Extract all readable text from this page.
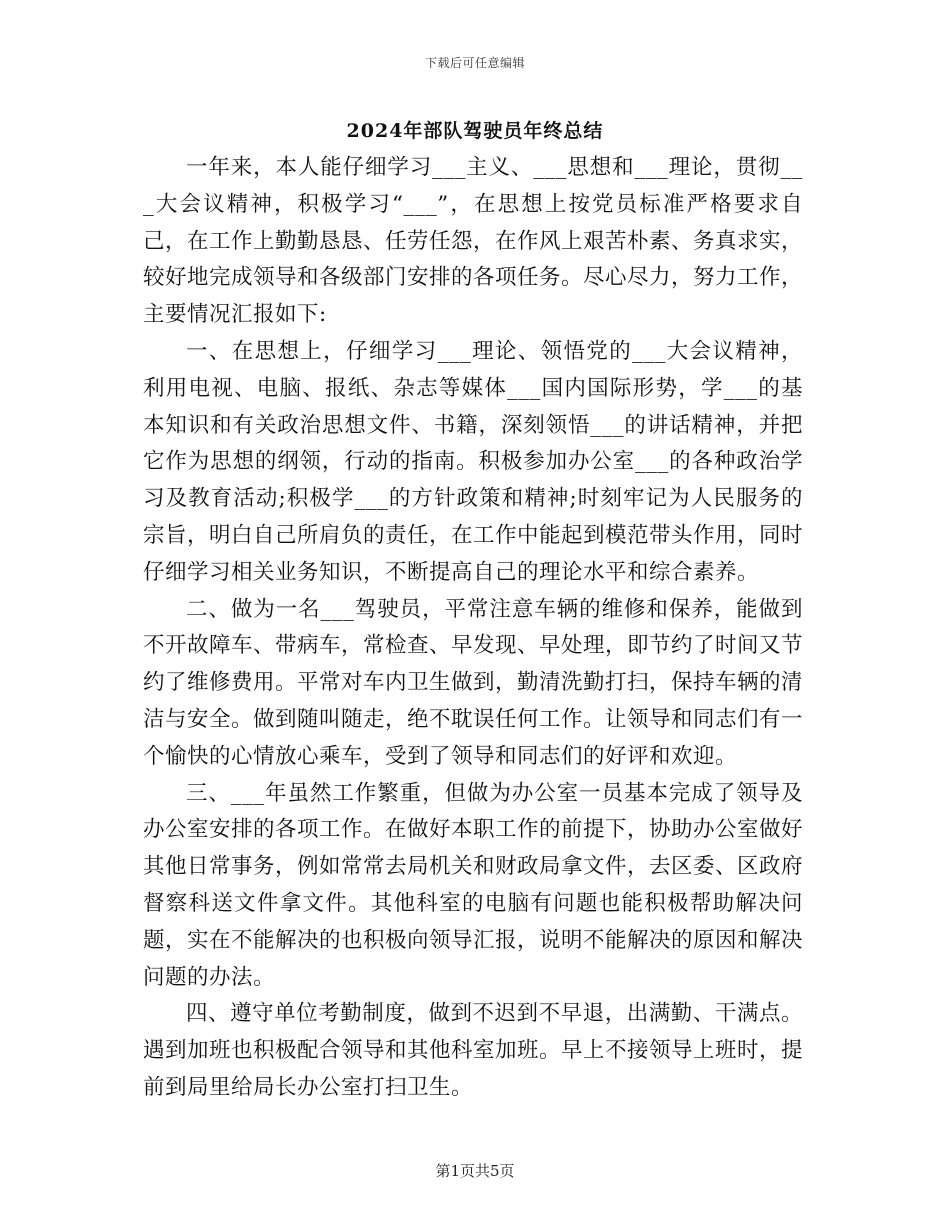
下载后可任意编辑
2024年部队驾驶员年终总结

一年来，本人能仔细学习___主义、___思想和___理论，贯彻___大会议精神，积极学习“___”，在思想上按党员标准严格要求自己，在工作上勤勤恳恳、任劳任怨，在作风上艰苦朴素、务真求实，较好地完成领导和各级部门安排的各项任务。尽心尽力，努力工作，主要情况汇报如下:

一、在思想上，仔细学习___理论、领悟党的___大会议精神，利用电视、电脑、报纸、杂志等媒体___国内国际形势，学___的基本知识和有关政治思想文件、书籍，深刻领悟___的讲话精神，并把它作为思想的纲领，行动的指南。积极参加办公室___的各种政治学习及教育活动;积极学___的方针政策和精神;时刻牢记为人民服务的宗旨，明白自己所肩负的责任，在工作中能起到模范带头作用，同时仔细学习相关业务知识，不断提高自己的理论水平和综合素养。

二、做为一名___驾驶员，平常注意车辆的维修和保养，能做到不开故障车、带病车，常检查、早发现、早处理，即节约了时间又节约了维修费用。平常对车内卫生做到，勤清洗勤打扫，保持车辆的清洁与安全。做到随叫随走，绝不耽误任何工作。让领导和同志们有一个愉快的心情放心乘车，受到了领导和同志们的好评和欢迎。

三、___年虽然工作繁重，但做为办公室一员基本完成了领导及办公室安排的各项工作。在做好本职工作的前提下，协助办公室做好其他日常事务，例如常常去局机关和财政局拿文件，去区委、区政府督察科送文件拿文件。其他科室的电脑有问题也能积极帮助解决问题，实在不能解决的也积极向领导汇报，说明不能解决的原因和解决问题的办法。

四、遵守单位考勤制度，做到不迟到不早退，出满勤、干满点。遇到加班也积极配合领导和其他科室加班。早上不接领导上班时，提前到局里给局长办公室打扫卫生。

第1页共5页
